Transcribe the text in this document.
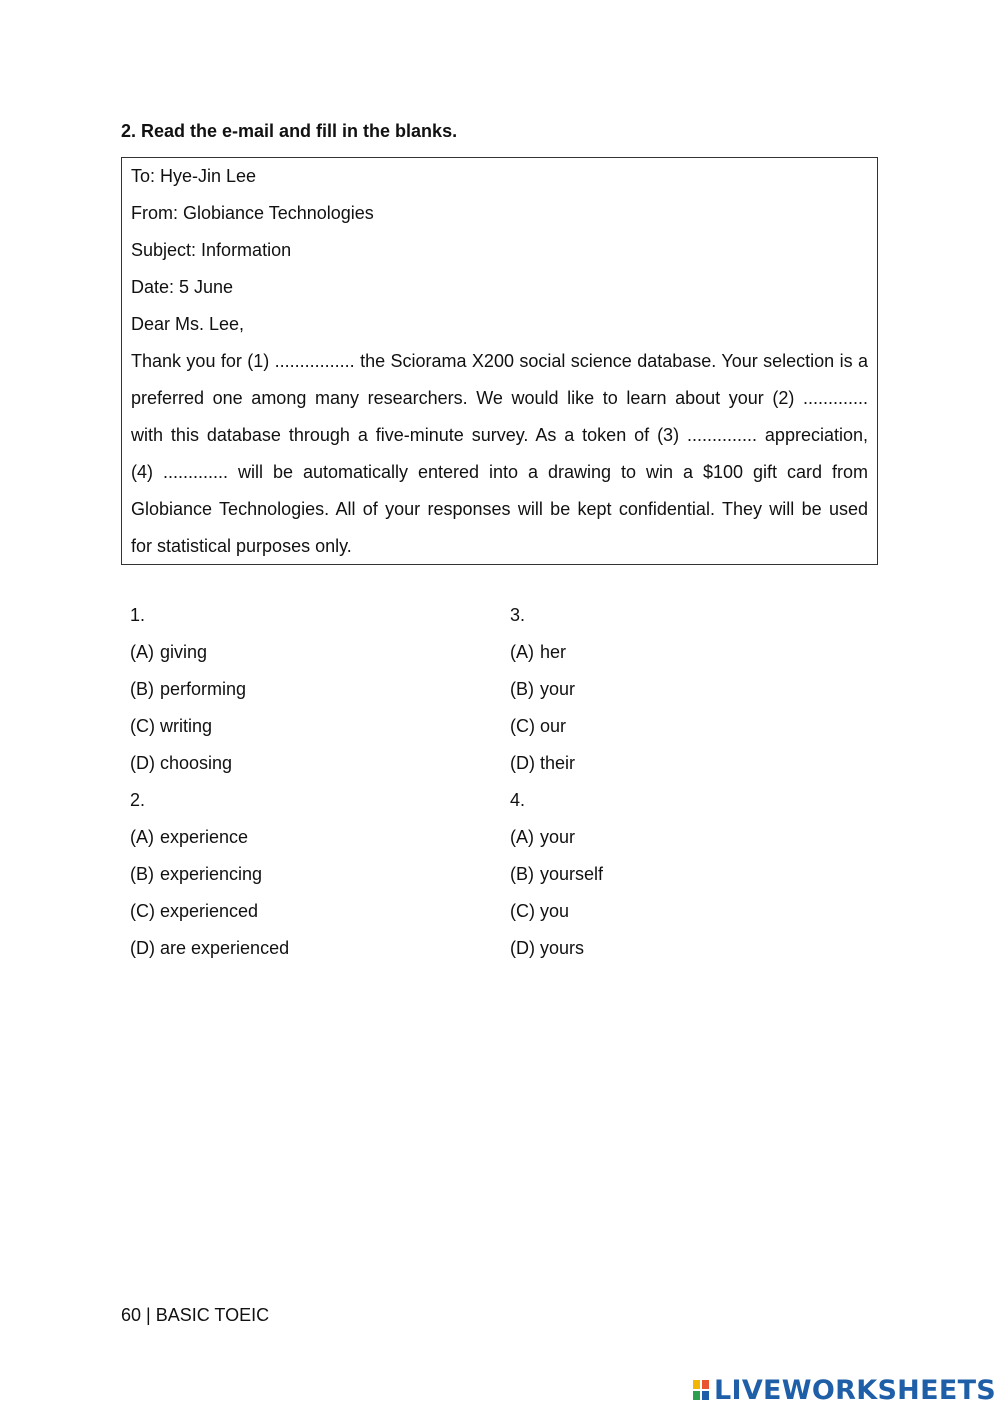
2. Read the e-mail and fill in the blanks.
To: Hye-Jin Lee
From: Globiance Technologies
Subject: Information
Date: 5 June
Dear Ms. Lee,

Thank you for (1) ................ the Sciorama X200 social science database. Your selection is a

preferred one among many researchers. We would like to learn about your (2) .............

with this database through a five-minute survey. As a token of (3) .............. appreciation,

(4) ............. will be automatically entered into a drawing to win a $100 gift card from

Globiance Technologies. All of your responses will be kept confidential. They will be used

for statistical purposes only.

1.
(A) giving
(B) performing
(C) writing
(D) choosing
2.
(A) experience
(B) experiencing
(C) experienced
(D) are experienced
3.
(A) her
(B) your
(C) our
(D) their
4.
(A) your
(B) yourself
(C) you
(D) yours
60 | BASIC TOEIC
LIVEWORKSHEETS
